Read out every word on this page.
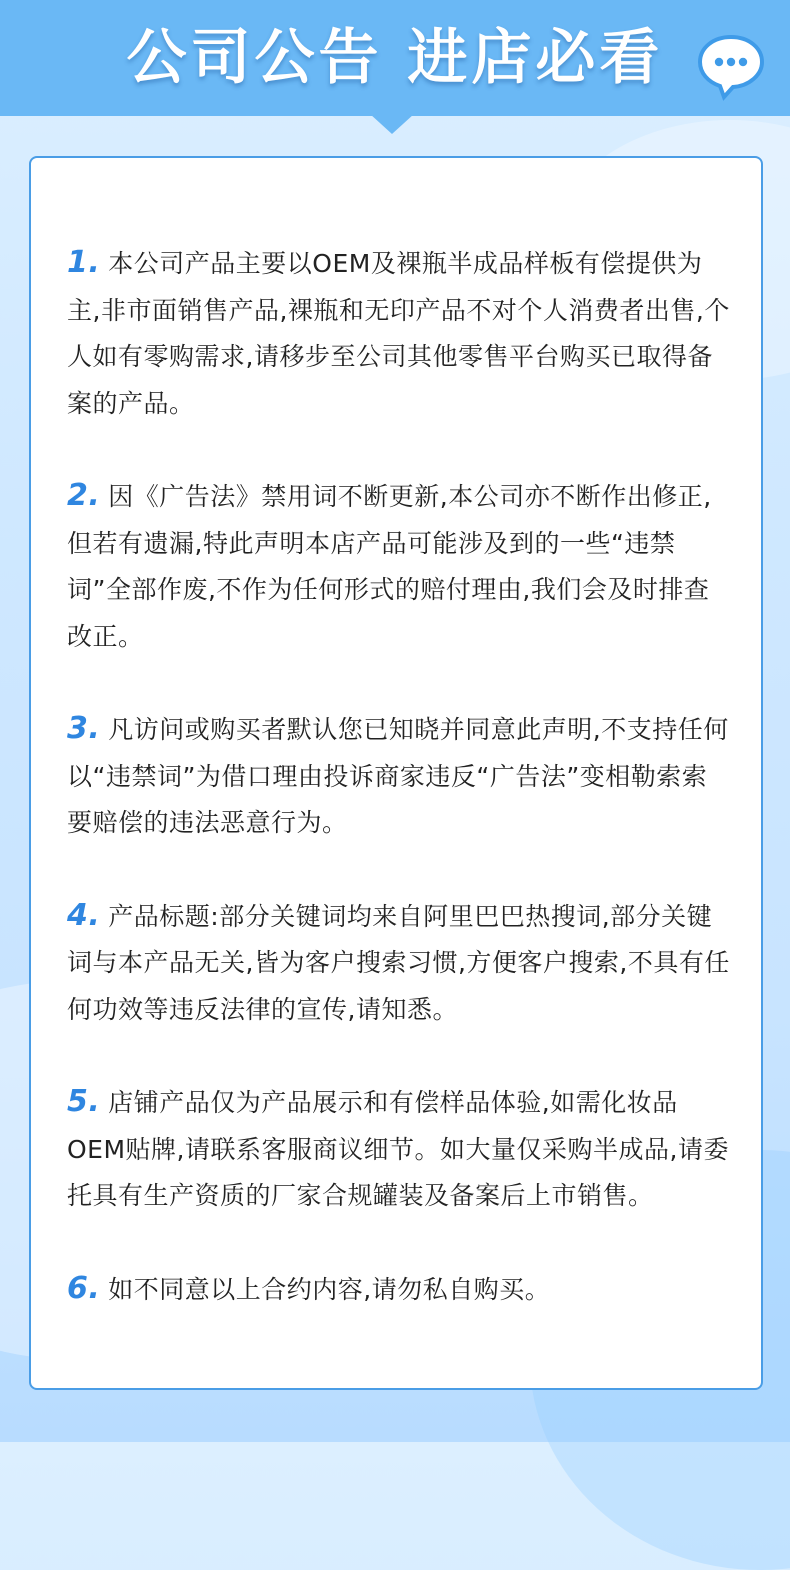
公司公告 进店必看
1. 本公司产品主要以OEM及裸瓶半成品样板有偿提供为主,非市面销售产品,裸瓶和无印产品不对个人消费者出售,个人如有零购需求,请移步至公司其他零售平台购买已取得备案的产品。
2. 因《广告法》禁用词不断更新,本公司亦不断作出修正,但若有遗漏,特此声明本店产品可能涉及到的一些“违禁词”全部作废,不作为任何形式的赔付理由,我们会及时排查改正。
3. 凡访问或购买者默认您已知晓并同意此声明,不支持任何以“违禁词”为借口理由投诉商家违反“广告法”变相勒索索要赔偿的违法恶意行为。
4. 产品标题:部分关键词均来自阿里巴巴热搜词,部分关键词与本产品无关,皆为客户搜索习惯,方便客户搜索,不具有任何功效等违反法律的宣传,请知悉。
5. 店铺产品仅为产品展示和有偿样品体验,如需化妆品OEM贴牌,请联系客服商议细节。如大量仅采购半成品,请委托具有生产资质的厂家合规罐装及备案后上市销售。
6. 如不同意以上合约内容,请勿私自购买。
